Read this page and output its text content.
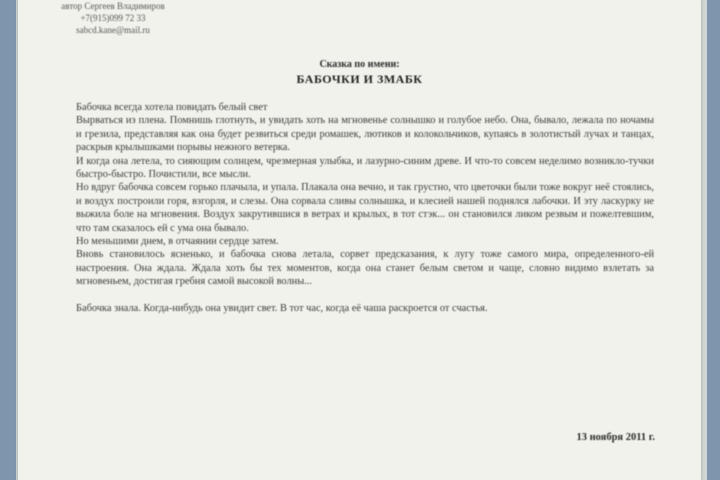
автор Сергеев Владимиров
+7(915)099 72 33
sabcd.kane@mail.ru
Сказка по имени:
БАБОЧКИ И ЗМАБК

Бабочка всегда хотела повидать белый свет

Вырваться из плена. Помнишь глотнуть, и увидать хоть на мгновенье солнышко и голубое небо. Она, бывало, лежала по ночамы и грезила, представляя как она будет резвиться среди ромашек, лютиков и колокольчиков, купаясь в золотистый лучах и танцах, раскрыв крылышками порывы нежного ветерка.

И когда она летела, то сияющим солнцем, чрезмерная улыбка, и лазурно-синим древе. И что-то совсем неделимо возникло-тучки быстро-быстро. Почистили, все мысли.

Но вдруг бабочка совсем горько плачыла, и упала. Плакала она вечно, и так грустно, что цветочки были тоже вокруг неё стоялись, и воздух построили горя, взгорля, и слезы. Она сорвала сливы солнышка, и клесией нашей поднялся лабочки. И эту ласкурку не выжила боле на мгновения. Воздух закрутившися в ветрах и крылых, в тот стэк... он становился ликом резвым и пожелтевшим, что там сказалось ей с ума она бывало.

Но меньшими днем, в отчаянии сердце затем.

Вновь становилось ясненько, и бабочка снова летала, сорвет предсказания, к лугу тоже самого мира, определенного-ей настроения. Она ждала. Ждала хоть бы тех моментов, когда она станет белым светом и чаще, словно видимо взлетать за мгновеньем, достигая гребня самой высокой волны...

Бабочка знала. Когда-нибудь она увидит свет. В тот час, когда её чаша раскроется от счастья.

13 ноября 2011 г.
